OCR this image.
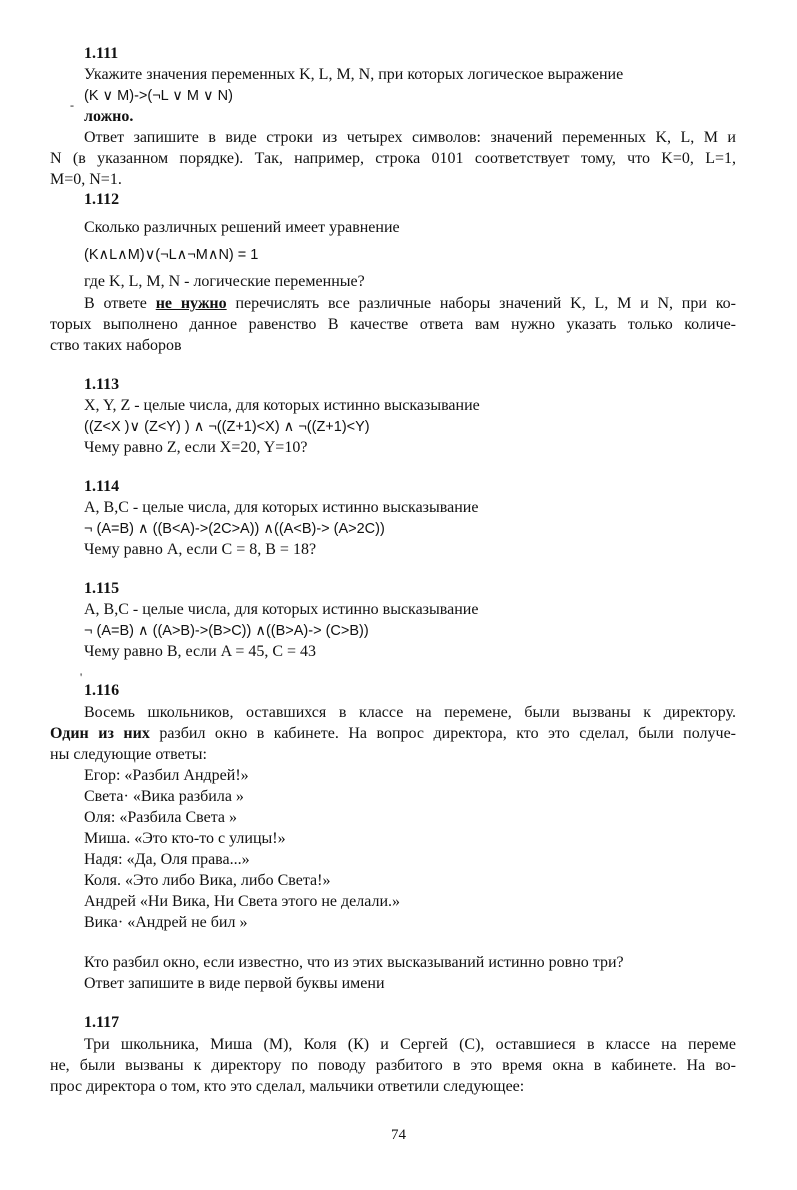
1.111
Укажите значения переменных K, L, M, N, при которых логическое выражение
(K ∨ M)->(¬L ∨ M ∨ N)
-
ложно.
Ответ запишите в виде строки из четырех символов: значений переменных K, L, M и
N (в указанном порядке). Так, например, строка 0101 соответствует тому, что K=0, L=1,
M=0, N=1.
1.112
Сколько различных решений имеет уравнение
(K∧L∧M)∨(¬L∧¬M∧N) = 1
где K, L, M, N - логические переменные?
В ответе не нужно перечислять все различные наборы значений K, L, M и N, при ко-
торых выполнено данное равенство В качестве ответа вам нужно указать только количе-
ство таких наборов
1.113
X, Y, Z - целые числа, для которых истинно высказывание
((Z<X )∨ (Z<Y) ) ∧ ¬((Z+1)<X) ∧ ¬((Z+1)<Y)
Чему равно Z, если X=20, Y=10?
1.114
A, B,C - целые числа, для которых истинно высказывание
¬ (A=B) ∧ ((B<A)->(2C>A)) ∧((A<B)-> (A>2C))
Чему равно A, если C = 8, B = 18?
1.115
A, B,C - целые числа, для которых истинно высказывание
¬ (A=B) ∧ ((A>B)->(B>C)) ∧((B>A)-> (C>B))
Чему равно B, если A = 45, C = 43
'
1.116
Восемь школьников, оставшихся в классе на перемене, были вызваны к директору.
Один из них разбил окно в кабинете. На вопрос директора, кто это сделал, были получе-
ны следующие ответы:
Егор: «Разбил Андрей!»
Света· «Вика разбила »
Оля: «Разбила Света »
Миша. «Это кто-то с улицы!»
Надя: «Да, Оля права...»
Коля. «Это либо Вика, либо Света!»
Андрей «Ни Вика, Ни Света этого не делали.»
Вика· «Андрей не бил »
Кто разбил окно, если известно, что из этих высказываний истинно ровно три?
Ответ запишите в виде первой буквы имени
1.117
Три школьника, Миша (М), Коля (К) и Сергей (С), оставшиеся в классе на переме
не, были вызваны к директору по поводу разбитого в это время окна в кабинете. На во-
прос директора о том, кто это сделал, мальчики ответили следующее:
74
